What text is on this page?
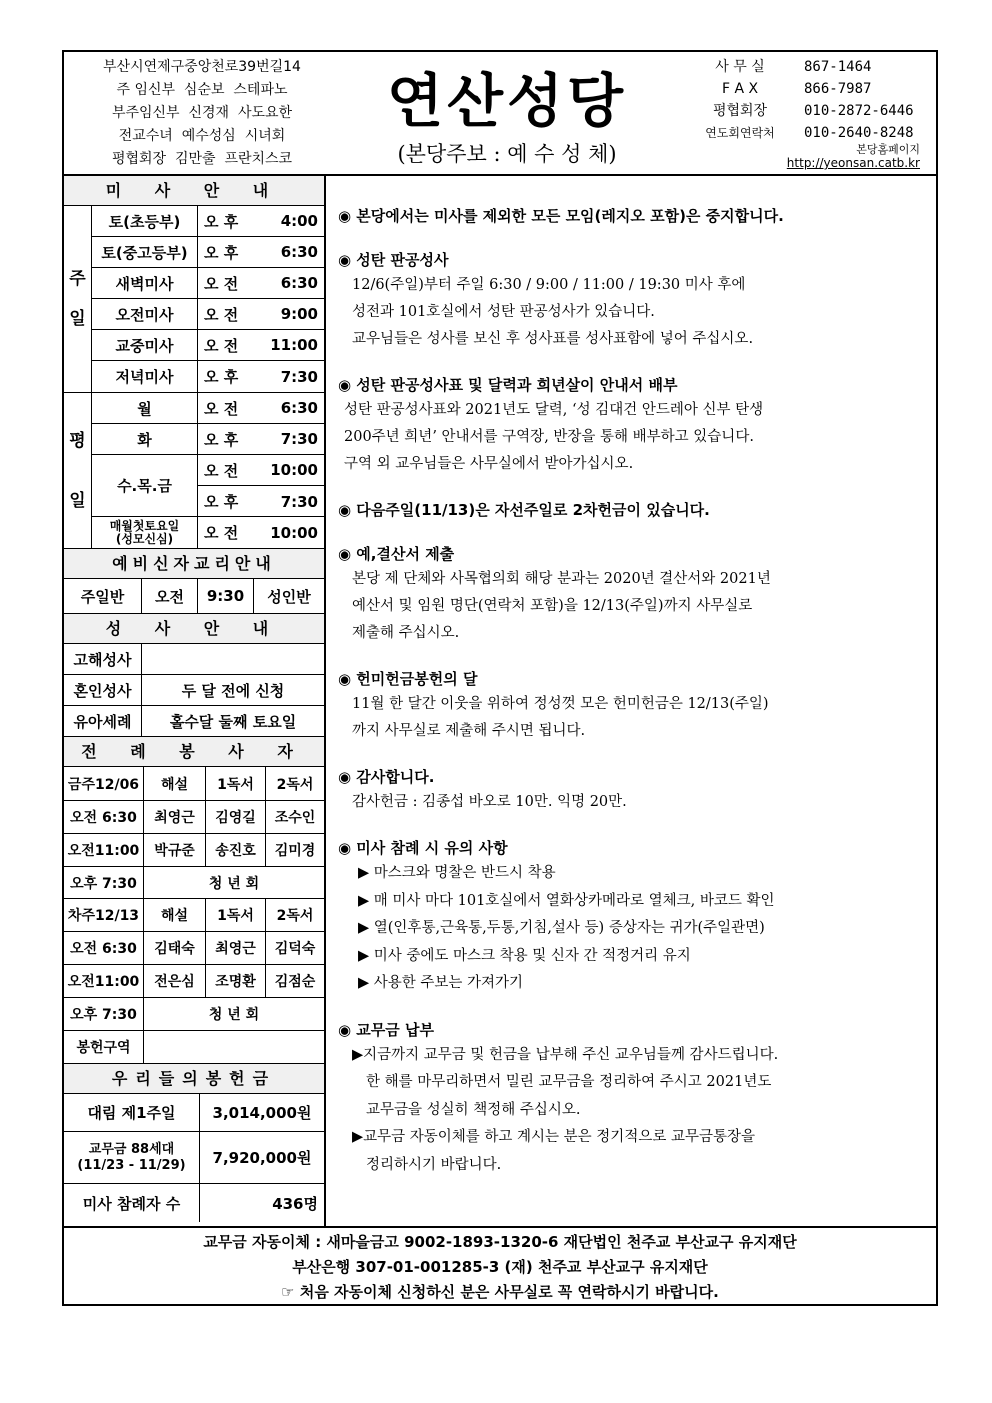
부산시연제구중앙천로39번길14
주 임신부 심순보 스테파노
부주임신부 신경재 사도요한
전교수녀 예수성심 시녀회
평협회장 김만출 프란치스코
연산성당
(본당주보 : 예 수 성 체)
사 무 실	867-1464
F A X	866-7987
평협회장	010-2872-6446
연도회연락처	010-2640-8248
본당홈페이지
http://yeonsan.catb.kr
미 사 안 내
주
일
토(초등부)	오 후	4:00
토(중고등부)	오 후	6:30
새벽미사	오 전	6:30
오전미사	오 전	9:00
교중미사	오 전 11:00
저녁미사	오 후	7:30
평
일
월	오 전	6:30
화	오 후	7:30
수.목.금
오 전 10:00
오 후	7:30
매월첫토요일
(성모신심) 오 전 10:00
예비신자교리안내
주일반	오전	9:30	성인반
성 사 안 내
고해성사
혼인성사	두 달 전에 신청
유아세례	홀수달 둘째 토요일
전 례 봉 사 자
금주12/06	해설	1독서	2독서
오전 6:30	최영근	김영길	조수인
오전11:00	박규준	송진호	김미경
오후 7:30	청 년 회
차주12/13	해설	1독서	2독서
오전 6:30	김태숙	최영근	김덕숙
오전11:00	전은심	조명환	김점순
오후 7:30	청 년 회
봉헌구역
우리들의봉헌금
대림 제1주일	3,014,000원
교무금 88세대
(11/23 - 11/29)	7,920,000원
미사 참례자 수	436명
◉ 본당에서는 미사를 제외한 모든 모임(레지오 포함)은 중지합니다.
◉ 성탄 판공성사

12/6(주일)부터 주일 6:30 / 9:00 / 11:00 / 19:30 미사 후에

성전과 101호실에서 성탄 판공성사가 있습니다.

교우님들은 성사를 보신 후 성사표를 성사표함에 넣어 주십시오.

◉ 성탄 판공성사표 및 달력과 희년살이 안내서 배부

성탄 판공성사표와 2021년도 달력, ‘성 김대건 안드레아 신부 탄생

200주년 희년’ 안내서를 구역장, 반장을 통해 배부하고 있습니다.

구역 외 교우님들은 사무실에서 받아가십시오.

◉ 다음주일(11/13)은 자선주일로 2차헌금이 있습니다.
◉ 예,결산서 제출

본당 제 단체와 사목협의회 해당 분과는 2020년 결산서와 2021년

예산서 및 임원 명단(연락처 포함)을 12/13(주일)까지 사무실로

제출해 주십시오.

◉ 헌미헌금봉헌의 달

11월 한 달간 이웃을 위하여 정성껏 모은 헌미헌금은 12/13(주일)

까지 사무실로 제출해 주시면 됩니다.

◉ 감사합니다.

감사헌금 : 김종섭 바오로 10만. 익명 20만.

◉ 미사 참례 시 유의 사항

▶ 마스크와 명찰은 반드시 착용

▶ 매 미사 마다 101호실에서 열화상카메라로 열체크, 바코드 확인

▶ 열(인후통,근육통,두통,기침,설사 등) 증상자는 귀가(주일관면)

▶ 미사 중에도 마스크 착용 및 신자 간 적정거리 유지

▶ 사용한 주보는 가져가기

◉ 교무금 납부

▶지금까지 교무금 및 헌금을 납부해 주신 교우님들께 감사드립니다.

한 해를 마무리하면서 밀린 교무금을 정리하여 주시고 2021년도

교무금을 성실히 책정해 주십시오.

▶교무금 자동이체를 하고 계시는 분은 정기적으로 교무금통장을

정리하시기 바랍니다.

교무금 자동이체 : 새마을금고 9002-1893-1320-6 재단법인 천주교 부산교구 유지재단
부산은행 307-01-001285-3 (재) 천주교 부산교구 유지재단
☞ 처음 자동이체 신청하신 분은 사무실로 꼭 연락하시기 바랍니다.
